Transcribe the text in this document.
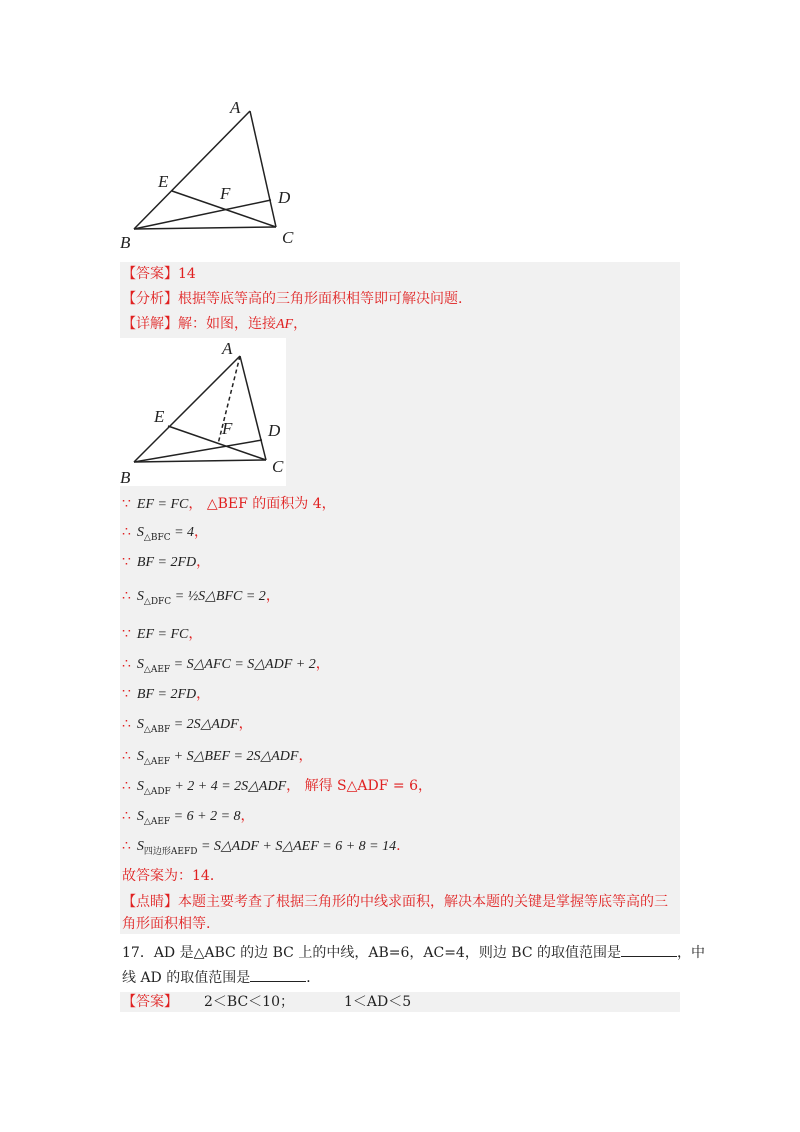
A
E
F	D
B	C
【答案】14
【分析】根据等底等高的三角形面积相等即可解决问题.
【详解】解：如图，连接AF，
A
E
F D
B
C
∵ EF = FC， △BEF 的面积为 4，
∴ $S_{\triangle BFC} = 4$，
∵ BF = 2FD，
∴ $S_{\triangle DFC}$ = ½S△BFC = 2，
∵ EF = FC，
∴ $S_{\triangle AEF}$ = S△AFC = S△ADF + 2，
∵ BF = 2FD，
∴ $S_{\triangle ABF}$ = 2S△ADF，
∴ $S_{\triangle AEF}$ + S△BEF = 2S△ADF，
∴ $S_{\triangle ADF} + 2 + 4$ = 2S△ADF， 解得 S△ADF = 6，
∴ $S_{\triangle AEF} = 6 + 2 = 8$，
∴ $S_{四边形AEFD}$ = S△ADF + S△AEF = 6 + 8 = 14.
故答案为：14．
【点睛】本题主要考查了根据三角形的中线求面积，解决本题的关键是掌握等底等高的三
角形面积相等.
17．AD 是△ABC 的边 BC 上的中线，AB=6，AC=4，则边 BC 的取值范围是	，中
线 AD 的取值范围是	．
【答案】 2＜BC＜10；	1＜AD＜5
